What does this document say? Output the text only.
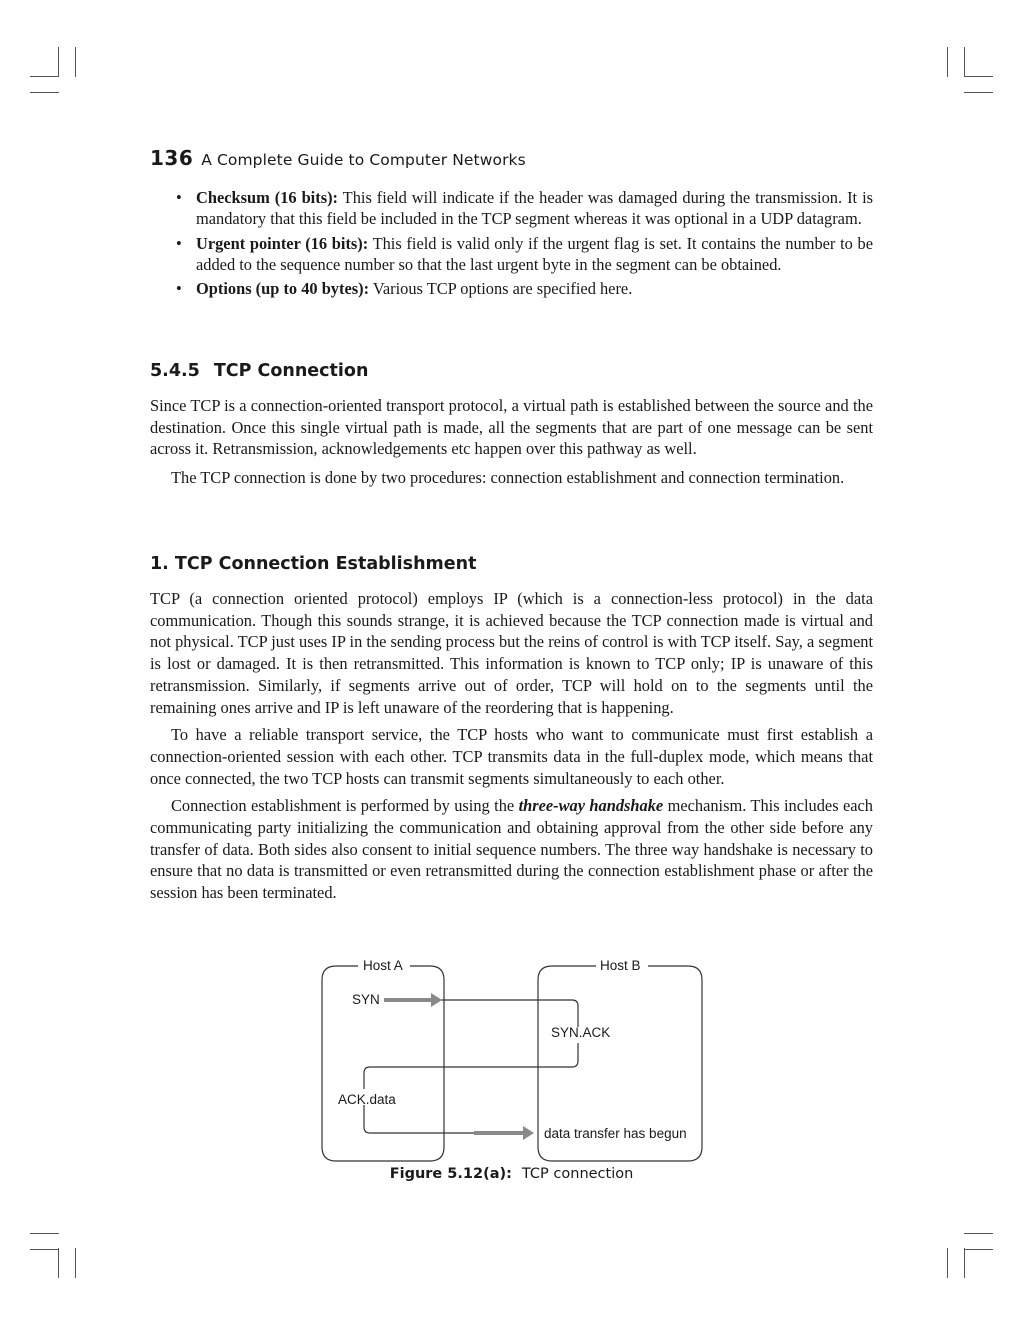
136 A Complete Guide to Computer Networks
• Checksum (16 bits): This field will indicate if the header was damaged during the transmission. It is mandatory that this field be included in the TCP segment whereas it was optional in a UDP datagram.
• Urgent pointer (16 bits): This field is valid only if the urgent flag is set. It contains the number to be added to the sequence number so that the last urgent byte in the segment can be obtained.
• Options (up to 40 bytes): Various TCP options are specified here.
5.4.5 TCP Connection

Since TCP is a connection-oriented transport protocol, a virtual path is established between the source and the destination. Once this single virtual path is made, all the segments that are part of one message can be sent across it. Retransmission, acknowledgements etc happen over this pathway as well.

The TCP connection is done by two procedures: connection establishment and connection termination.

1. TCP Connection Establishment

TCP (a connection oriented protocol) employs IP (which is a connection-less protocol) in the data communication. Though this sounds strange, it is achieved because the TCP connection made is virtual and not physical. TCP just uses IP in the sending process but the reins of control is with TCP itself. Say, a segment is lost or damaged. It is then retransmitted. This information is known to TCP only; IP is unaware of this retransmission. Similarly, if segments arrive out of order, TCP will hold on to the segments until the remaining ones arrive and IP is left unaware of the reordering that is happening.

To have a reliable transport service, the TCP hosts who want to communicate must first establish a connection-oriented session with each other. TCP transmits data in the full-duplex mode, which means that once connected, the two TCP hosts can transmit segments simultaneously to each other.

Connection establishment is performed by using the three-way handshake mechanism. This includes each communicating party initializing the communication and obtaining approval from the other side before any transfer of data. Both sides also consent to initial sequence numbers. The three way handshake is necessary to ensure that no data is transmitted or even retransmitted during the connection establishment phase or after the session has been terminated.

Host A	Host B
SYN
SYN.ACK
ACK.data
data transfer has begun
Figure 5.12(a): TCP connection
